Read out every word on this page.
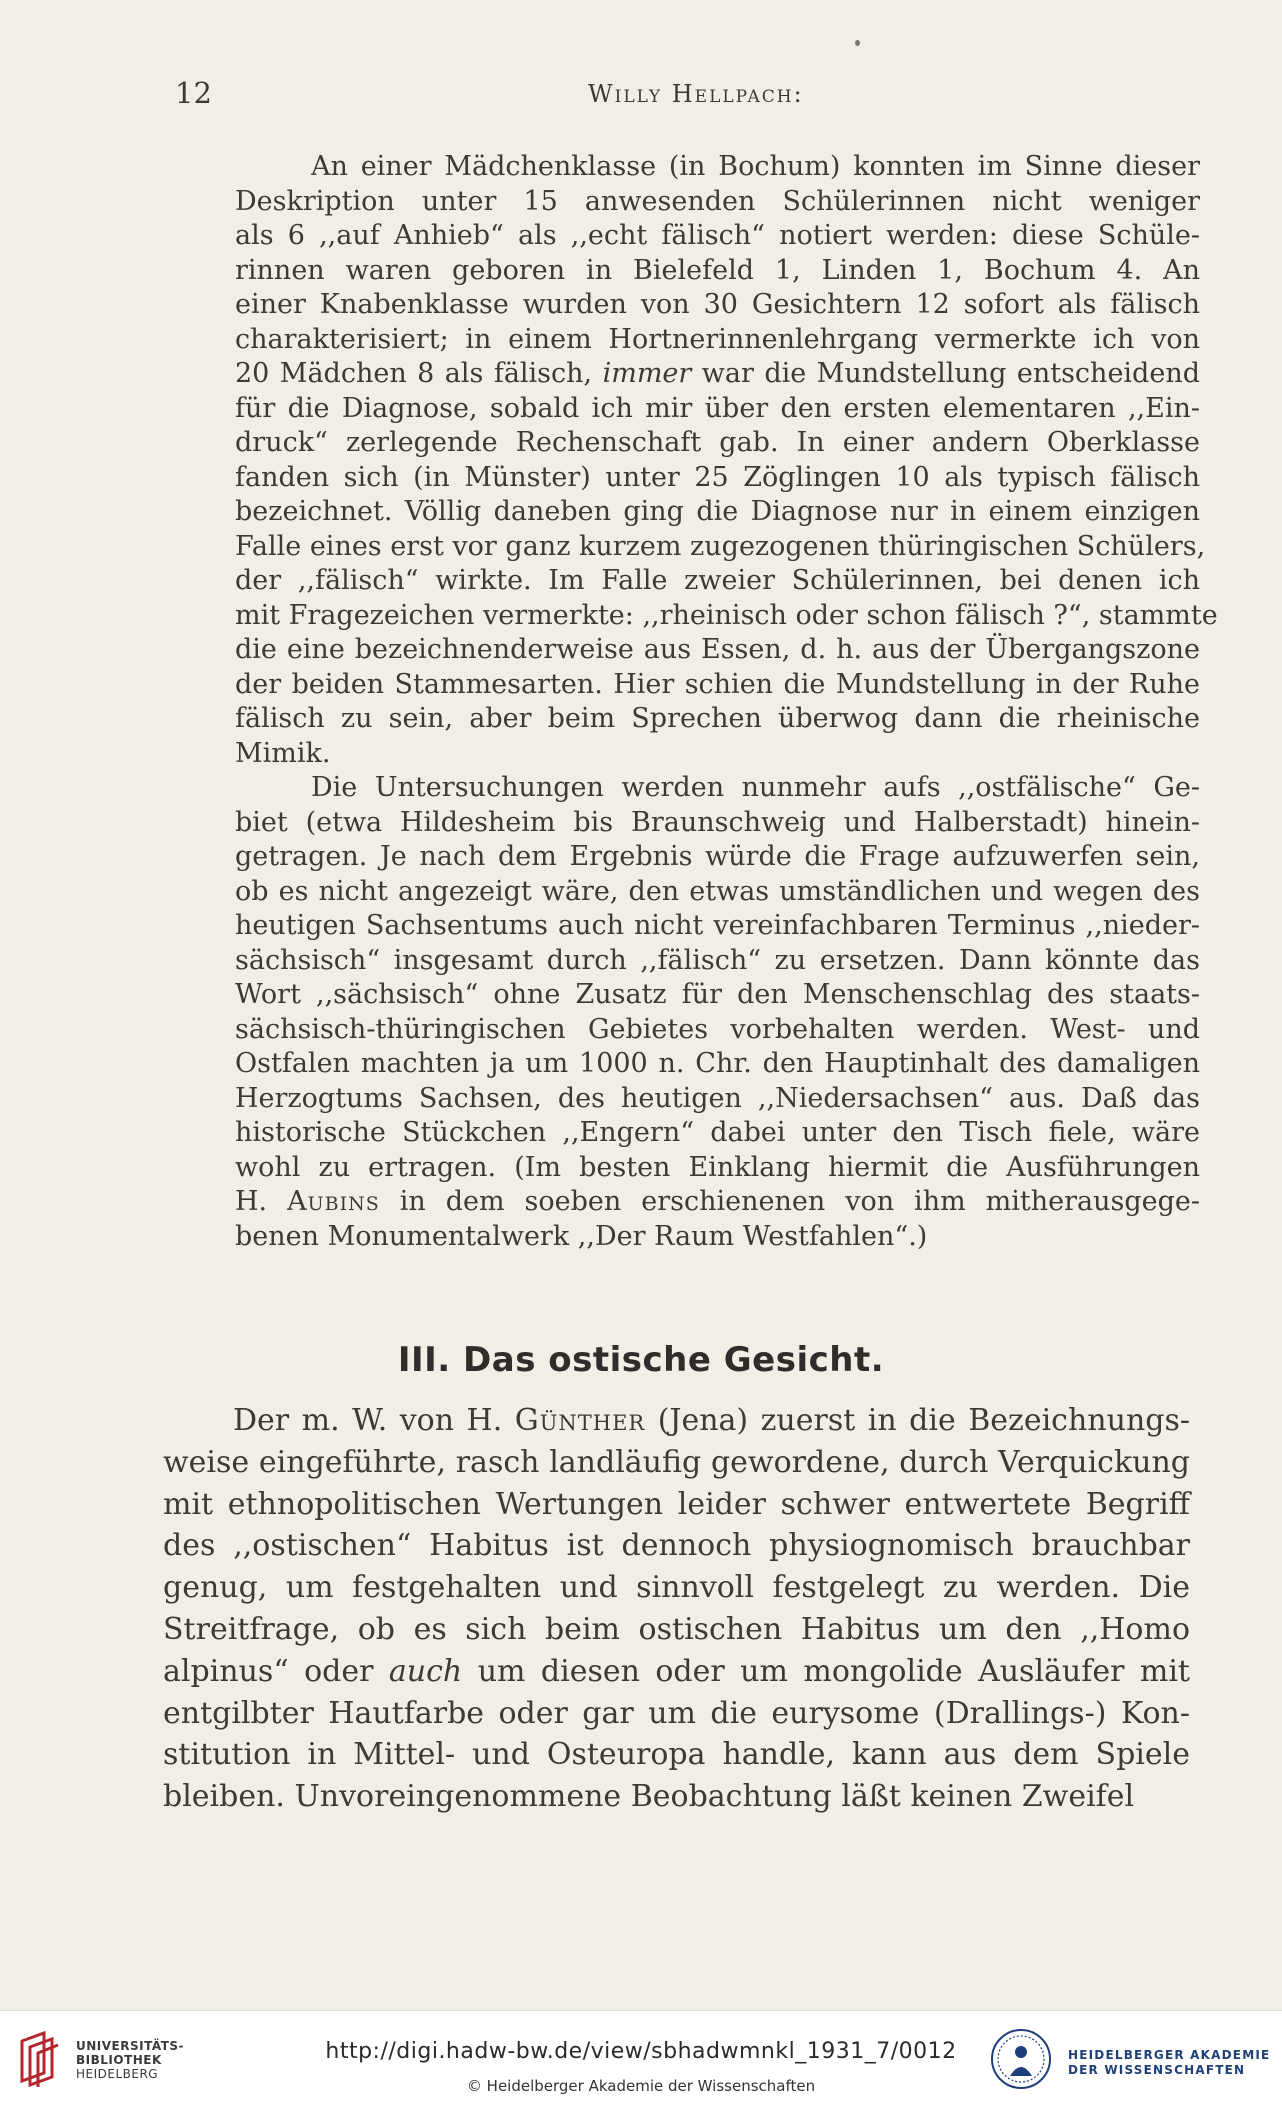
12	Willy Hellpach:
An einer Mädchenklasse (in Bochum) konnten im Sinne dieser
Deskription unter 15 anwesenden Schülerinnen nicht weniger
als 6 ,,auf Anhieb“ als ,,echt fälisch“ notiert werden: diese Schüle-
rinnen waren geboren in Bielefeld 1, Linden 1, Bochum 4. An
einer Knabenklasse wurden von 30 Gesichtern 12 sofort als fälisch
charakterisiert; in einem Hortnerinnenlehrgang vermerkte ich von
20 Mädchen 8 als fälisch, immer war die Mundstellung entscheidend
für die Diagnose, sobald ich mir über den ersten elementaren ,,Ein-
druck“ zerlegende Rechenschaft gab. In einer andern Oberklasse
fanden sich (in Münster) unter 25 Zöglingen 10 als typisch fälisch
bezeichnet. Völlig daneben ging die Diagnose nur in einem einzigen
Falle eines erst vor ganz kurzem zugezogenen thüringischen Schülers,
der ,,fälisch“ wirkte. Im Falle zweier Schülerinnen, bei denen ich
mit Fragezeichen vermerkte: ,,rheinisch oder schon fälisch ?“, stammte
die eine bezeichnenderweise aus Essen, d. h. aus der Übergangszone
der beiden Stammesarten. Hier schien die Mundstellung in der Ruhe
fälisch zu sein, aber beim Sprechen überwog dann die rheinische
Mimik.
Die Untersuchungen werden nunmehr aufs ,,ostfälische“ Ge-
biet (etwa Hildesheim bis Braunschweig und Halberstadt) hinein-
getragen. Je nach dem Ergebnis würde die Frage aufzuwerfen sein,
ob es nicht angezeigt wäre, den etwas umständlichen und wegen des
heutigen Sachsentums auch nicht vereinfachbaren Terminus ,,nieder-
sächsisch“ insgesamt durch ,,fälisch“ zu ersetzen. Dann könnte das
Wort ,,sächsisch“ ohne Zusatz für den Menschenschlag des staats-
sächsisch-thüringischen Gebietes vorbehalten werden. West- und
Ostfalen machten ja um 1000 n. Chr. den Hauptinhalt des damaligen
Herzogtums Sachsen, des heutigen ,,Niedersachsen“ aus. Daß das
historische Stückchen ,,Engern“ dabei unter den Tisch fiele, wäre
wohl zu ertragen. (Im besten Einklang hiermit die Ausführungen
H. Aubins in dem soeben erschienenen von ihm mitherausgege-
benen Monumentalwerk ,,Der Raum Westfahlen“.)
III. Das ostische Gesicht.
Der m. W. von H. Günther (Jena) zuerst in die Bezeichnungs-
weise eingeführte, rasch landläufig gewordene, durch Verquickung
mit ethnopolitischen Wertungen leider schwer entwertete Begriff
des ,,ostischen“ Habitus ist dennoch physiognomisch brauchbar
genug, um festgehalten und sinnvoll festgelegt zu werden. Die
Streitfrage, ob es sich beim ostischen Habitus um den ,,Homo
alpinus“ oder auch um diesen oder um mongolide Ausläufer mit
entgilbter Hautfarbe oder gar um die eurysome (Drallings-) Kon-
stitution in Mittel- und Osteuropa handle, kann aus dem Spiele
bleiben. Unvoreingenommene Beobachtung läßt keinen Zweifel
UNIVERSITÄTS-
BIBLIOTHEK
HEIDELBERG
http://digi.hadw-bw.de/view/sbhadwmnkl_1931_7/0012
© Heidelberger Akademie der Wissenschaften
HEIDELBERGER AKADEMIE
DER WISSENSCHAFTEN
